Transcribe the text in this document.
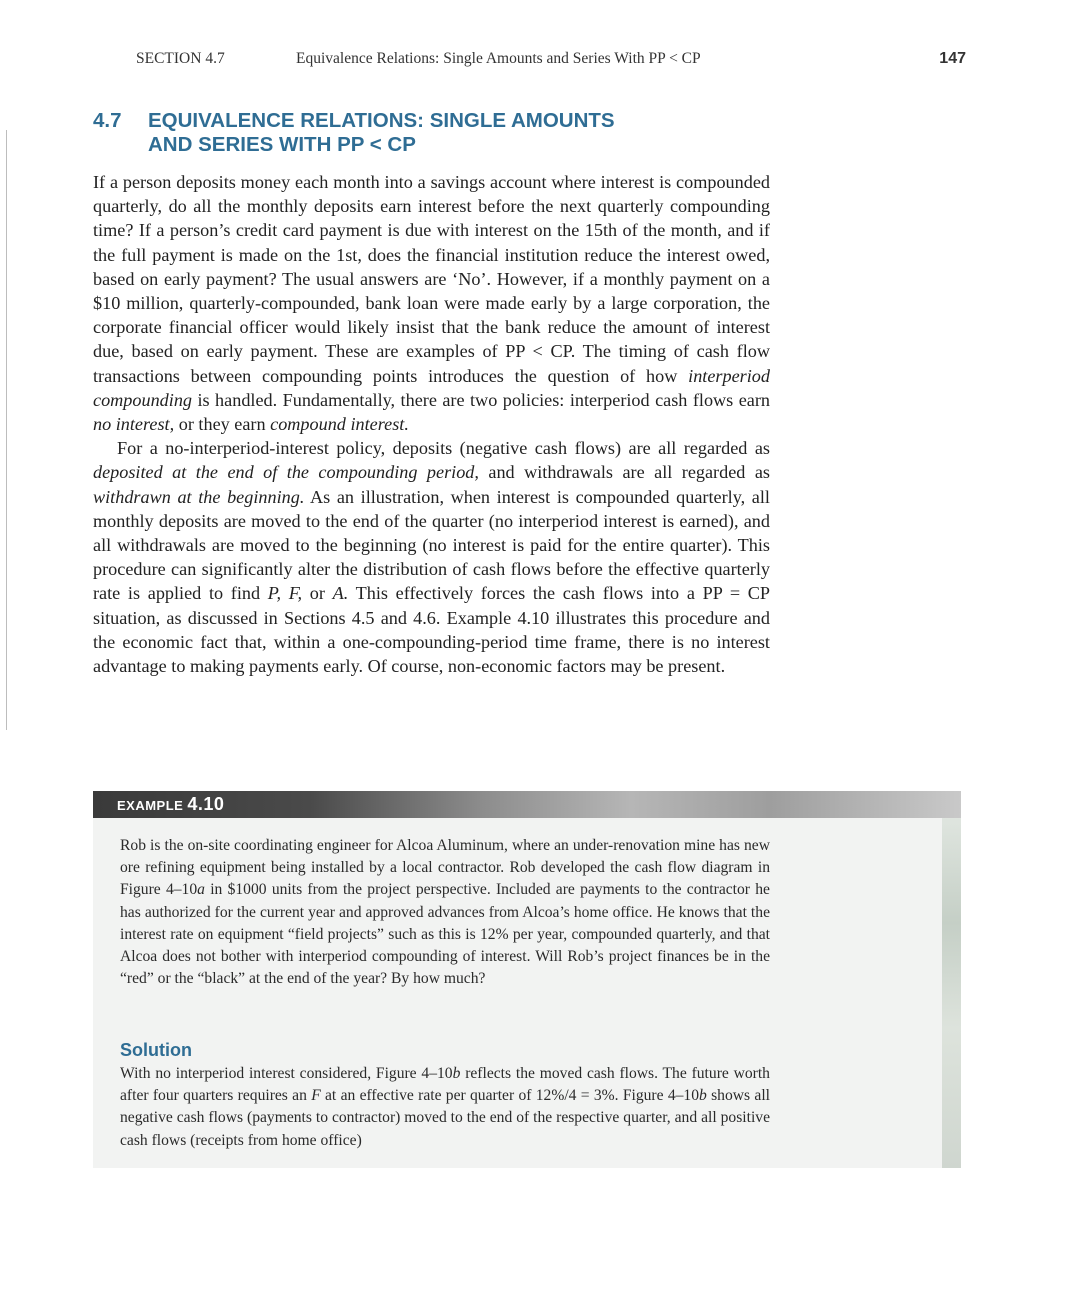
SECTION 4.7	Equivalence Relations: Single Amounts and Series With PP < CP	147
4.7 EQUIVALENCE RELATIONS: SINGLE AMOUNTS
AND SERIES WITH PP < CP

If a person deposits money each month into a savings account where interest is compounded quarterly, do all the monthly deposits earn interest before the next quarterly compounding time? If a person’s credit card payment is due with interest on the 15th of the month, and if the full payment is made on the 1st, does the financial institution reduce the interest owed, based on early payment? The usual answers are ‘No’. However, if a monthly payment on a $10 million, quarterly-compounded, bank loan were made early by a large corporation, the corporate financial officer would likely insist that the bank reduce the amount of interest due, based on early payment. These are examples of PP < CP. The timing of cash flow transactions between compounding points introduces the question of how interperiod compounding is handled. Fundamentally, there are two policies: interperiod cash flows earn no interest, or they earn compound interest.

For a no-interperiod-interest policy, deposits (negative cash flows) are all regarded as deposited at the end of the compounding period, and withdrawals are all regarded as withdrawn at the beginning. As an illustration, when interest is compounded quarterly, all monthly deposits are moved to the end of the quarter (no interperiod interest is earned), and all withdrawals are moved to the beginning (no interest is paid for the entire quarter). This procedure can significantly alter the distribution of cash flows before the effective quarterly rate is applied to find P, F, or A. This effectively forces the cash flows into a PP = CP situation, as discussed in Sections 4.5 and 4.6. Example 4.10 illustrates this procedure and the economic fact that, within a one-compounding-period time frame, there is no interest advantage to making payments early. Of course, non-economic factors may be present.

EXAMPLE 4.10

Rob is the on-site coordinating engineer for Alcoa Aluminum, where an under-renovation mine has new ore refining equipment being installed by a local contractor. Rob developed the cash flow diagram in Figure 4–10a in $1000 units from the project perspective. Included are payments to the contractor he has authorized for the current year and approved advances from Alcoa’s home office. He knows that the interest rate on equipment “field projects” such as this is 12% per year, compounded quarterly, and that Alcoa does not bother with interperiod compounding of interest. Will Rob’s project finances be in the “red” or the “black” at the end of the year? By how much?

Solution

With no interperiod interest considered, Figure 4–10b reflects the moved cash flows. The future worth after four quarters requires an F at an effective rate per quarter of 12%/4 = 3%. Figure 4–10b shows all negative cash flows (payments to contractor) moved to the end of the respective quarter, and all positive cash flows (receipts from home office)
